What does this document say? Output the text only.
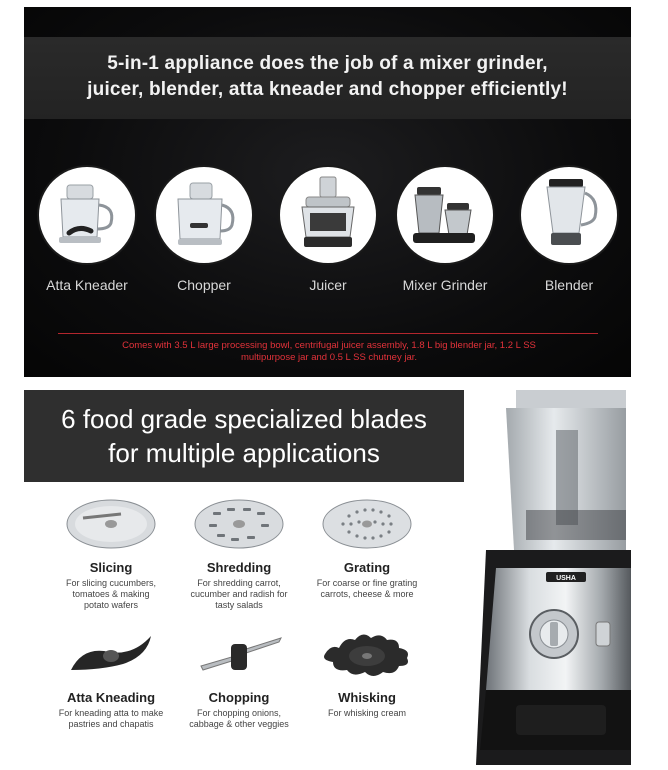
5-in-1 appliance does the job of a mixer grinder,
juicer, blender, atta kneader and chopper efficiently!
Atta Kneader	Chopper	Juicer	Mixer Grinder	Blender

Comes with 3.5 L large processing bowl, centrifugal juicer assembly, 1.8 L big blender jar, 1.2 L SS
multipurpose jar and 0.5 L SS chutney jar.

6 food grade specialized blades
for multiple applications
Slicing
For slicing cucumbers,
tomatoes & making
potato wafers
Shredding
For shredding carrot,
cucumber and radish for
tasty salads
Grating
For coarse or fine grating
carrots, cheese & more
Atta Kneading
For kneading atta to make
pastries and chapatis
Chopping
For chopping onions,
cabbage & other veggies
Whisking
For whisking cream
USHA
